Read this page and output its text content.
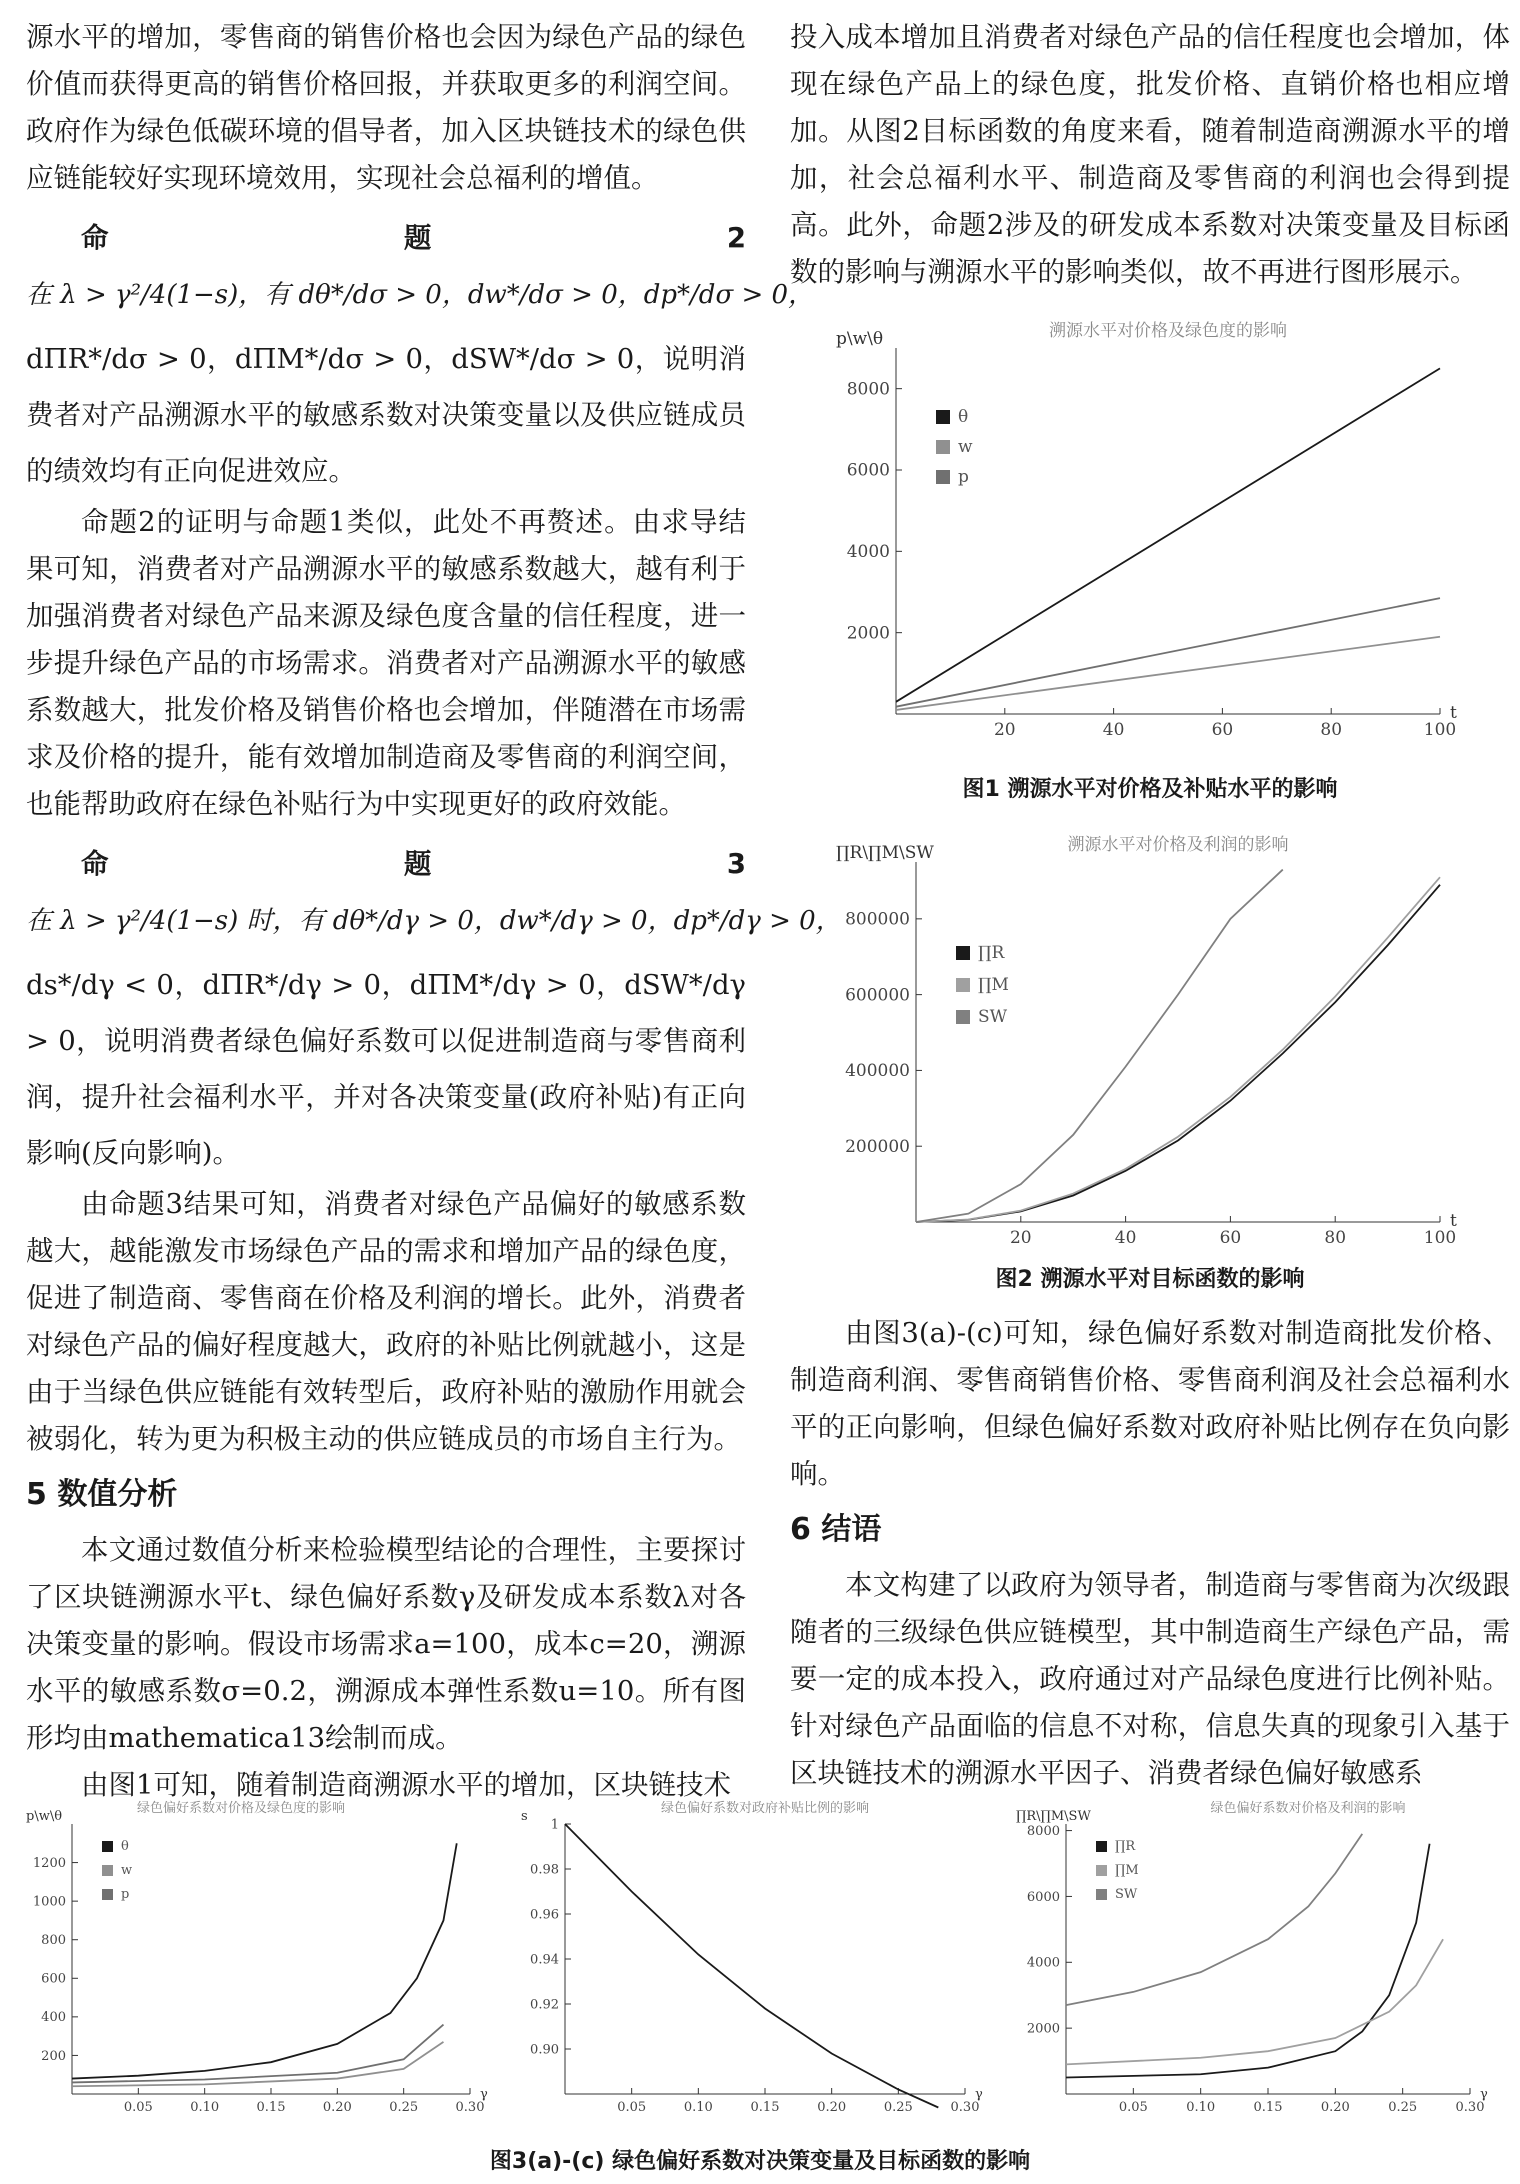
源水平的增加，零售商的销售价格也会因为绿色产品的绿色价值而获得更高的销售价格回报，并获取更多的利润空间。政府作为绿色低碳环境的倡导者，加入区块链技术的绿色供应链能较好实现环境效用，实现社会总福利的增值。

命题2 在 λ > γ²/4(1−s)，有 dθ*/dσ > 0，dw*/dσ > 0，dp*/dσ > 0，

dΠR*/dσ > 0，dΠM*/dσ > 0，dSW*/dσ > 0，说明消费者对产品溯源水平的敏感系数对决策变量以及供应链成员的绩效均有正向促进效应。

命题2的证明与命题1类似，此处不再赘述。由求导结果可知，消费者对产品溯源水平的敏感系数越大，越有利于加强消费者对绿色产品来源及绿色度含量的信任程度，进一步提升绿色产品的市场需求。消费者对产品溯源水平的敏感系数越大，批发价格及销售价格也会增加，伴随潜在市场需求及价格的提升，能有效增加制造商及零售商的利润空间，也能帮助政府在绿色补贴行为中实现更好的政府效能。

命题3 在 λ > γ²/4(1−s) 时，有 dθ*/dγ > 0，dw*/dγ > 0，dp*/dγ > 0，

ds*/dγ < 0，dΠR*/dγ > 0，dΠM*/dγ > 0，dSW*/dγ > 0，说明消费者绿色偏好系数可以促进制造商与零售商利润，提升社会福利水平，并对各决策变量(政府补贴)有正向影响(反向影响)。

由命题3结果可知，消费者对绿色产品偏好的敏感系数越大，越能激发市场绿色产品的需求和增加产品的绿色度，促进了制造商、零售商在价格及利润的增长。此外，消费者对绿色产品的偏好程度越大，政府的补贴比例就越小，这是由于当绿色供应链能有效转型后，政府补贴的激励作用就会被弱化，转为更为积极主动的供应链成员的市场自主行为。

5 数值分析

本文通过数值分析来检验模型结论的合理性，主要探讨了区块链溯源水平t、绿色偏好系数γ及研发成本系数λ对各决策变量的影响。假设市场需求a=100，成本c=20，溯源水平的敏感系数σ=0.2，溯源成本弹性系数u=10。所有图形均由mathematica13绘制而成。

由图1可知，随着制造商溯源水平的增加，区块链技术

投入成本增加且消费者对绿色产品的信任程度也会增加，体现在绿色产品上的绿色度，批发价格、直销价格也相应增加。从图2目标函数的角度来看，随着制造商溯源水平的增加，社会总福利水平、制造商及零售商的利润也会得到提高。此外，命题2涉及的研发成本系数对决策变量及目标函数的影响与溯源水平的影响类似，故不再进行图形展示。

由图3(a)-(c)可知，绿色偏好系数对制造商批发价格、制造商利润、零售商销售价格、零售商利润及社会总福利水平的正向影响，但绿色偏好系数对政府补贴比例存在负向影响。

6 结语

本文构建了以政府为领导者，制造商与零售商为次级跟随者的三级绿色供应链模型，其中制造商生产绿色产品，需要一定的成本投入，政府通过对产品绿色度进行比例补贴。针对绿色产品面临的信息不对称，信息失真的现象引入基于区块链技术的溯源水平因子、消费者绿色偏好敏感系

溯源水平对价格及绿色度的影响
p\w\θ
t
20	40	60	80	100
2000
4000
6000
8000
θ
w
p
图1 溯源水平对价格及补贴水平的影响
溯源水平对价格及利润的影响
∏R\∏M\SW
t
20	40	60	80	100
200000
400000
600000
800000
∏R
∏M
SW
图2 溯源水平对目标函数的影响
绿色偏好系数对价格及绿色度的影响
p\w\θ
γ
0.05	0.10	0.15	0.20	0.25	0.30
200
400
600
800
1000
1200
θ
w
p
绿色偏好系数对政府补贴比例的影响
s
γ
0.05	0.10	0.15	0.20	0.25	0.30
0.90
0.92
0.94
0.96
0.98
1
绿色偏好系数对价格及利润的影响
∏R\∏M\SW
γ
0.05	0.10	0.15	0.20	0.25	0.30
2000
4000
6000
8000
∏R
∏M
SW
图3(a)-(c) 绿色偏好系数对决策变量及目标函数的影响
